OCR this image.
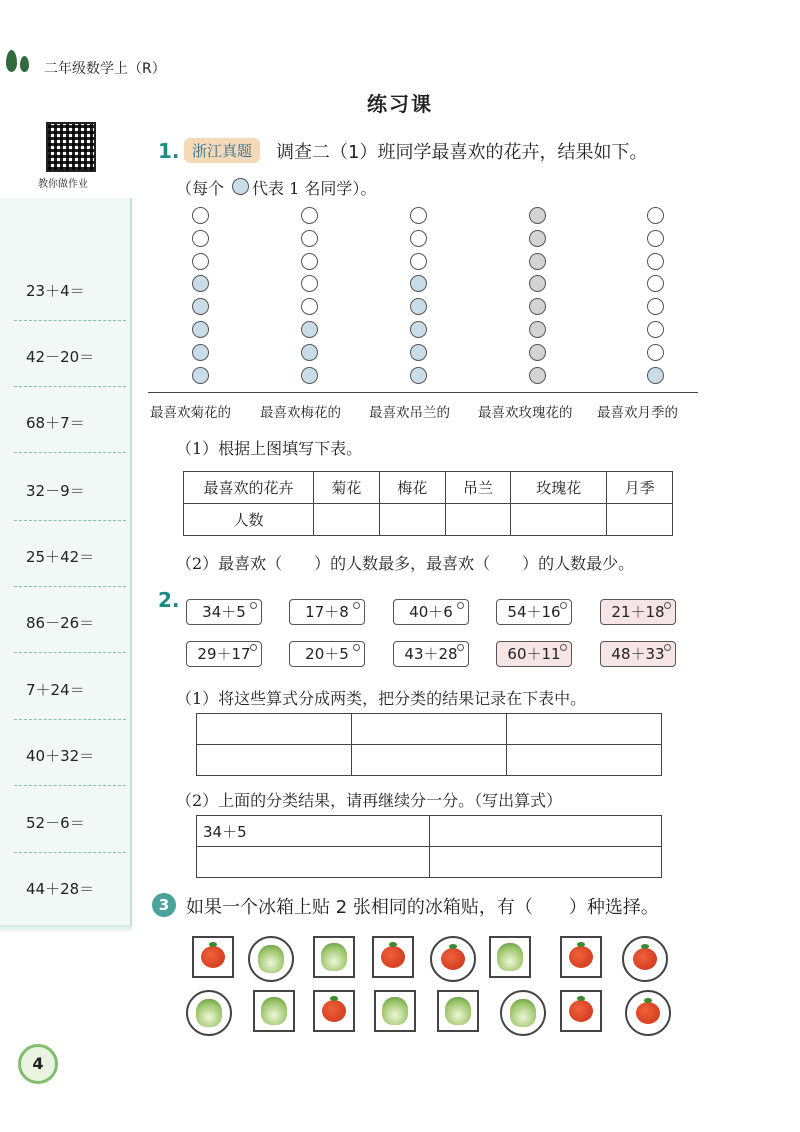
二年级数学上（R）
练习课
教你做作业
23＋4＝
42－20＝
68＋7＝
32－9＝
25＋42＝
86－26＝
7＋24＝
40＋32＝
52－6＝
44＋28＝
1. 浙江真题	调查二（1）班同学最喜欢的花卉，结果如下。
（每个 代表 1 名同学）。
最喜欢菊花的 最喜欢梅花的 最喜欢吊兰的 最喜欢玫瑰花的 最喜欢月季的
（1）根据上图填写下表。
最喜欢的花卉	菊花	梅花	吊兰	玫瑰花	月季
人数					
（2）最喜欢（　　）的人数最多，最喜欢（　　）的人数最少。
2.	34＋5	17＋8	40＋6	54＋16	21＋18
29＋17	20＋5	43＋28	60＋11	48＋33
（1）将这些算式分成两类，把分类的结果记录在下表中。

（2）上面的分类结果，请再继续分一分。（写出算式）
34＋5	

3 如果一个冰箱上贴 2 张相同的冰箱贴，有（　　）种选择。
4
